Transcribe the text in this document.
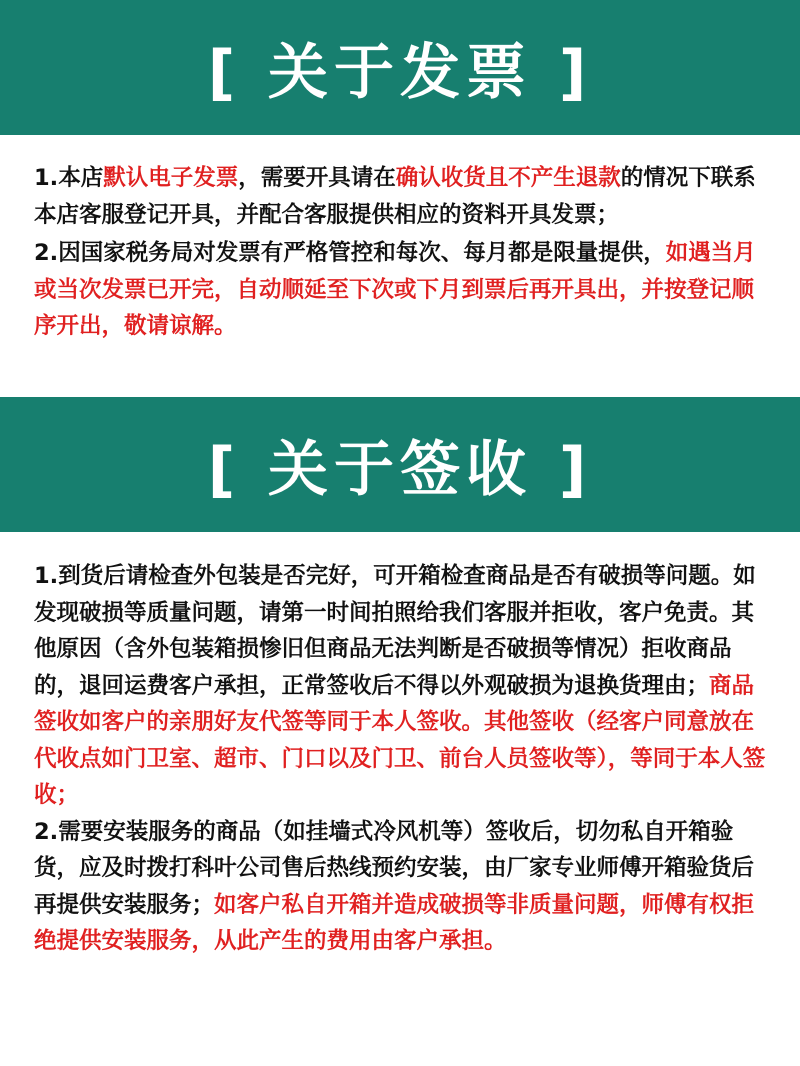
[ 关于发票 ]

1.本店默认电子发票，需要开具请在确认收货且不产生退款的情况下联系本店客服登记开具，并配合客服提供相应的资料开具发票；

2.因国家税务局对发票有严格管控和每次、每月都是限量提供，如遇当月或当次发票已开完，自动顺延至下次或下月到票后再开具出，并按登记顺序开出，敬请谅解。

[ 关于签收 ]

1.到货后请检查外包装是否完好，可开箱检查商品是否有破损等问题。如发现破损等质量问题，请第一时间拍照给我们客服并拒收，客户免责。其他原因（含外包装箱损惨旧但商品无法判断是否破损等情况）拒收商品的，退回运费客户承担，正常签收后不得以外观破损为退换货理由；商品签收如客户的亲朋好友代签等同于本人签收。其他签收（经客户同意放在代收点如门卫室、超市、门口以及门卫、前台人员签收等），等同于本人签收；

2.需要安装服务的商品（如挂墙式冷风机等）签收后，切勿私自开箱验货，应及时拨打科叶公司售后热线预约安装，由厂家专业师傅开箱验货后再提供安装服务；如客户私自开箱并造成破损等非质量问题，师傅有权拒绝提供安装服务，从此产生的费用由客户承担。
